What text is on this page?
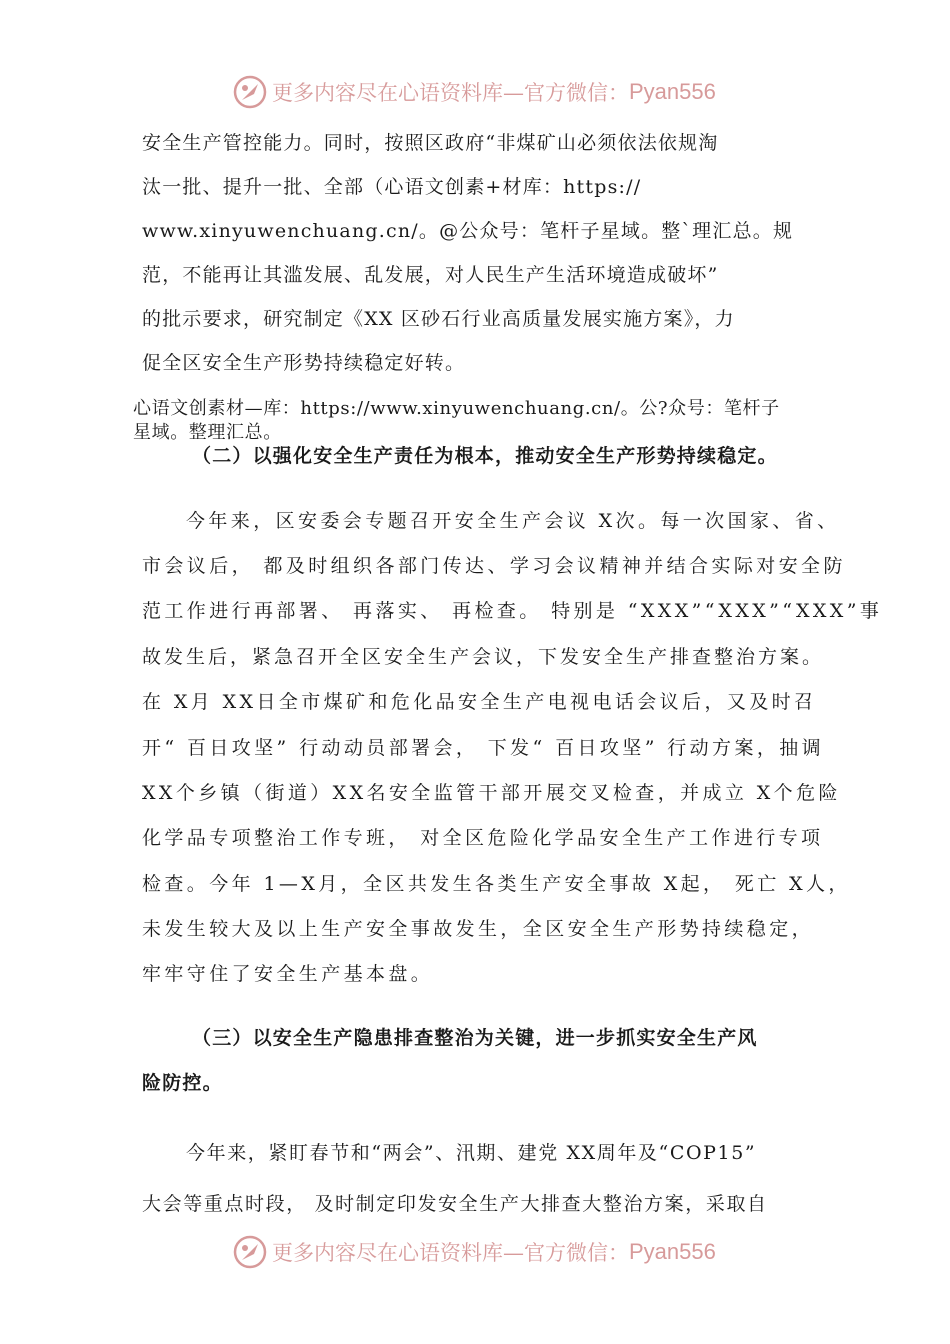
更多内容尽在心语资料库—官方微信： Pyan556
安全生产管控能力。同时，按照区政府“非煤矿山必须依法依规淘
汰一批、提升一批、全部（心语文创素+材库：https://
www.xinyuwenchuang.cn/。@公众号：笔杆子星域。整`理汇总。规
范，不能再让其滥发展、乱发展，对人民生产生活环境造成破坏”
的批示要求，研究制定《XX 区砂石行业高质量发展实施方案》，力
促全区安全生产形势持续稳定好转。
心语文创素材—库：https://www.xinyuwenchuang.cn/。公?众号：笔杆子
星域。整理汇总。
（二）以强化安全生产责任为根本，推动安全生产形势持续稳定。
今年来，区安委会专题召开安全生产会议 X次。每一次国家、省、
市会议后， 都及时组织各部门传达、学习会议精神并结合实际对安全防
范工作进行再部署、 再落实、 再检查。 特别是 “XXX”“XXX”“XXX”事
故发生后，紧急召开全区安全生产会议，下发安全生产排查整治方案。
在 X月 XX日全市煤矿和危化品安全生产电视电话会议后，又及时召
开“ 百日攻坚” 行动动员部署会， 下发“ 百日攻坚” 行动方案，抽调
XX个乡镇（街道）XX名安全监管干部开展交叉检查，并成立 X个危险
化学品专项整治工作专班， 对全区危险化学品安全生产工作进行专项
检查。今年 1—X月，全区共发生各类生产安全事故 X起， 死亡 X人，
未发生较大及以上生产安全事故发生，全区安全生产形势持续稳定，
牢牢守住了安全生产基本盘。
（三）以安全生产隐患排查整治为关键，进一步抓实安全生产风
险防控。
今年来，紧盯春节和“两会”、汛期、建党 XX周年及“COP15”
大会等重点时段， 及时制定印发安全生产大排查大整治方案，采取自
更多内容尽在心语资料库—官方微信： Pyan556
